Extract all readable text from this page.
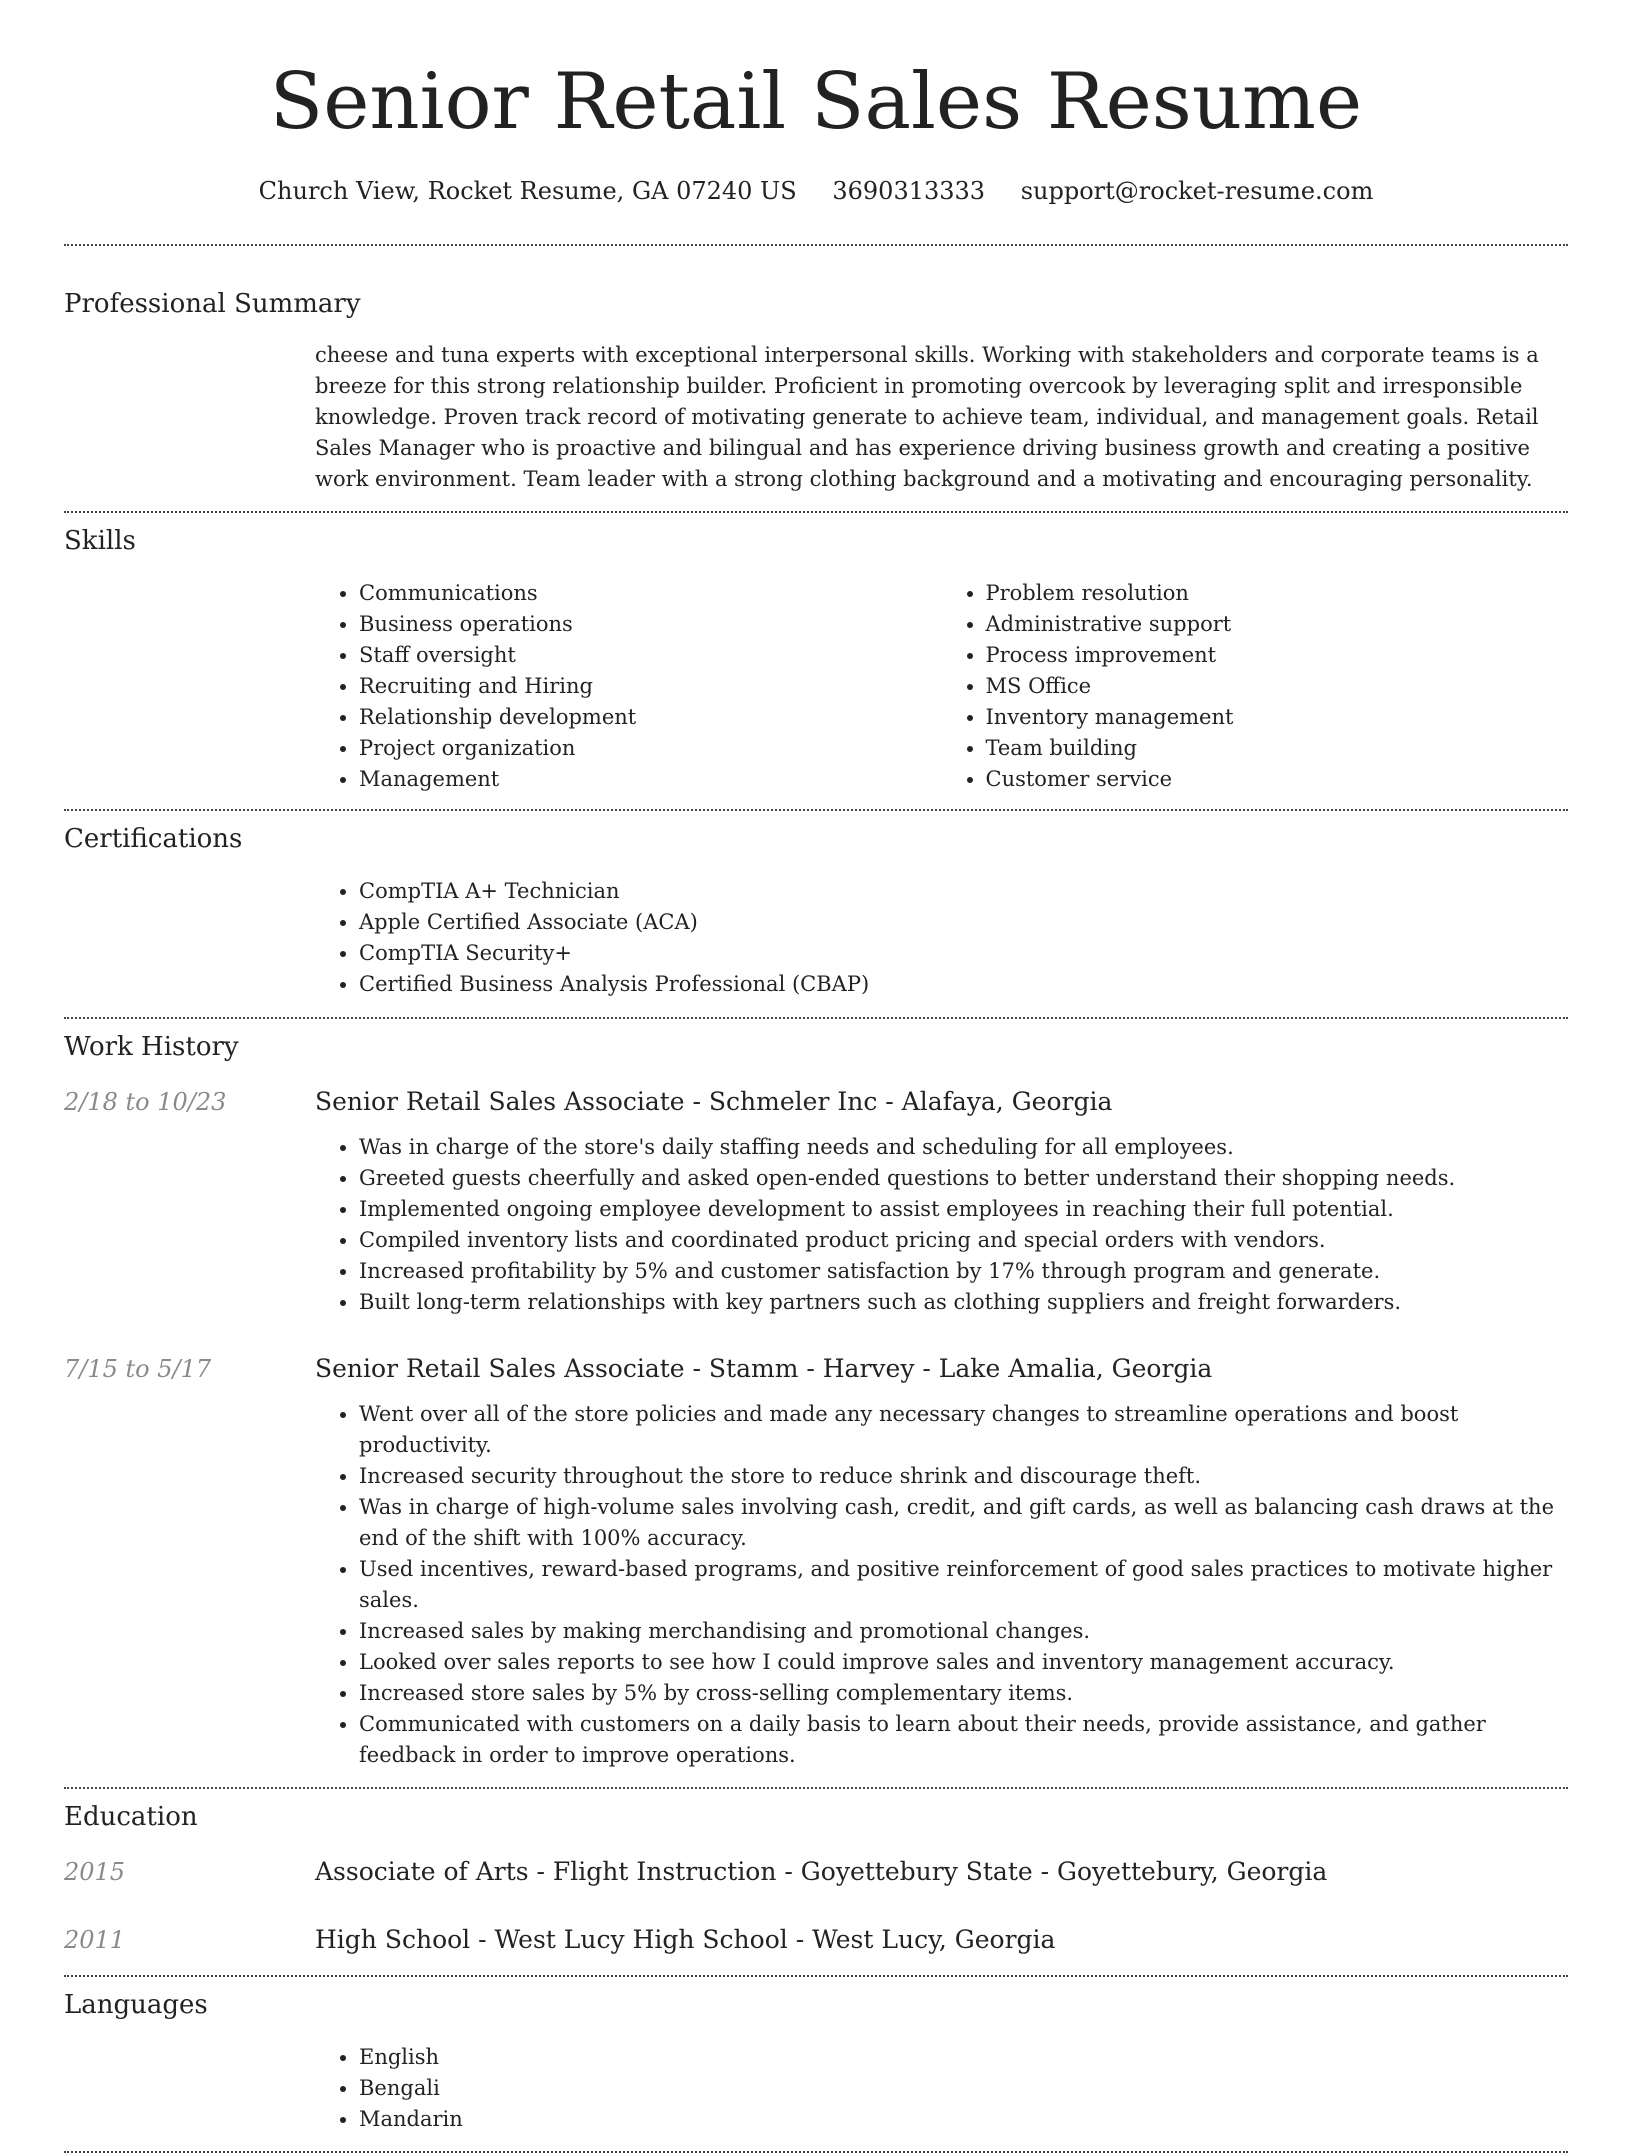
Senior Retail Sales Resume
Church View, Rocket Resume, GA 07240 US 3690313333 support@rocket-resume.com
Professional Summary

cheese and tuna experts with exceptional interpersonal skills. Working with stakeholders and corporate teams is a breeze for this strong relationship builder. Proficient in promoting overcook by leveraging split and irresponsible knowledge. Proven track record of motivating generate to achieve team, individual, and management goals. Retail Sales Manager who is proactive and bilingual and has experience driving business growth and creating a positive work environment. Team leader with a strong clothing background and a motivating and encouraging personality.

Skills
• Communications
• Business operations
• Staff oversight
• Recruiting and Hiring
• Relationship development
• Project organization
• Management
• Problem resolution
• Administrative support
• Process improvement
• MS Office
• Inventory management
• Team building
• Customer service
Certifications
• CompTIA A+ Technician
• Apple Certified Associate (ACA)
• CompTIA Security+
• Certified Business Analysis Professional (CBAP)
Work History
2/18 to 10/23	Senior Retail Sales Associate - Schmeler Inc - Alafaya, Georgia
• Was in charge of the store's daily staffing needs and scheduling for all employees.
• Greeted guests cheerfully and asked open-ended questions to better understand their shopping needs.
• Implemented ongoing employee development to assist employees in reaching their full potential.
• Compiled inventory lists and coordinated product pricing and special orders with vendors.
• Increased profitability by 5% and customer satisfaction by 17% through program and generate.
• Built long-term relationships with key partners such as clothing suppliers and freight forwarders.
7/15 to 5/17	Senior Retail Sales Associate - Stamm - Harvey - Lake Amalia, Georgia
• Went over all of the store policies and made any necessary changes to streamline operations and boost productivity.
• Increased security throughout the store to reduce shrink and discourage theft.
• Was in charge of high-volume sales involving cash, credit, and gift cards, as well as balancing cash draws at the end of the shift with 100% accuracy.
• Used incentives, reward-based programs, and positive reinforcement of good sales practices to motivate higher sales.
• Increased sales by making merchandising and promotional changes.
• Looked over sales reports to see how I could improve sales and inventory management accuracy.
• Increased store sales by 5% by cross-selling complementary items.
• Communicated with customers on a daily basis to learn about their needs, provide assistance, and gather feedback in order to improve operations.
Education
2015	Associate of Arts - Flight Instruction - Goyettebury State - Goyettebury, Georgia
2011	High School - West Lucy High School - West Lucy, Georgia
Languages
• English
• Bengali
• Mandarin
